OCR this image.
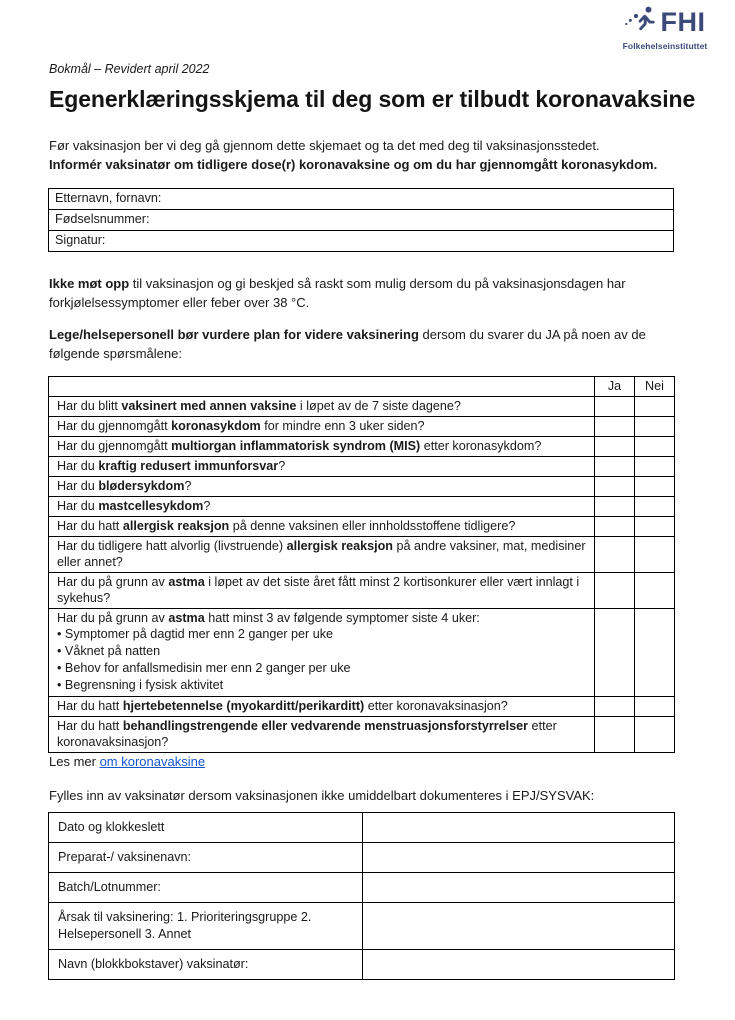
FHI
Folkehelseinstituttet
Bokmål – Revidert april 2022
Egenerklæringsskjema til deg som er tilbudt koronavaksine
Før vaksinasjon ber vi deg gå gjennom dette skjemaet og ta det med deg til vaksinasjonsstedet.
Informér vaksinatør om tidligere dose(r) koronavaksine og om du har gjennomgått koronasykdom.
Etternavn, fornavn:
Fødselsnummer:
Signatur:
Ikke møt opp til vaksinasjon og gi beskjed så raskt som mulig dersom du på vaksinasjonsdagen har forkjølelsessymptomer eller feber over 38 °C.
Lege/helsepersonell bør vurdere plan for videre vaksinering dersom du svarer du JA på noen av de følgende spørsmålene:
	Ja	Nei
Har du blitt vaksinert med annen vaksine i løpet av de 7 siste dagene?		
Har du gjennomgått koronasykdom for mindre enn 3 uker siden?		
Har du gjennomgått multiorgan inflammatorisk syndrom (MIS) etter koronasykdom?		
Har du kraftig redusert immunforsvar?		
Har du blødersykdom?		
Har du mastcellesykdom?		
Har du hatt allergisk reaksjon på denne vaksinen eller innholdsstoffene tidligere?		
Har du tidligere hatt alvorlig (livstruende) allergisk reaksjon på andre vaksiner, mat, medisiner eller annet?		
Har du på grunn av astma i løpet av det siste året fått minst 2 kortisonkurer eller vært innlagt i sykehus?		
Har du på grunn av astma hatt minst 3 av følgende symptomer siste 4 uker:
• Symptomer på dagtid mer enn 2 ganger per uke
• Våknet på natten
• Behov for anfallsmedisin mer enn 2 ganger per uke
• Begrensning i fysisk aktivitet

Har du hatt hjertebetennelse (myokarditt/perikarditt) etter koronavaksinasjon?		
Har du hatt behandlingstrengende eller vedvarende menstruasjonsforstyrrelser etter koronavaksinasjon?		
Les mer om koronavaksine
Fylles inn av vaksinatør dersom vaksinasjonen ikke umiddelbart dokumenteres i EPJ/SYSVAK:
Dato og klokkeslett	
Preparat-/ vaksinenavn:	
Batch/Lotnummer:	
Årsak til vaksinering: 1. Prioriteringsgruppe 2. Helsepersonell 3. Annet	
Navn (blokkbokstaver) vaksinatør:	
